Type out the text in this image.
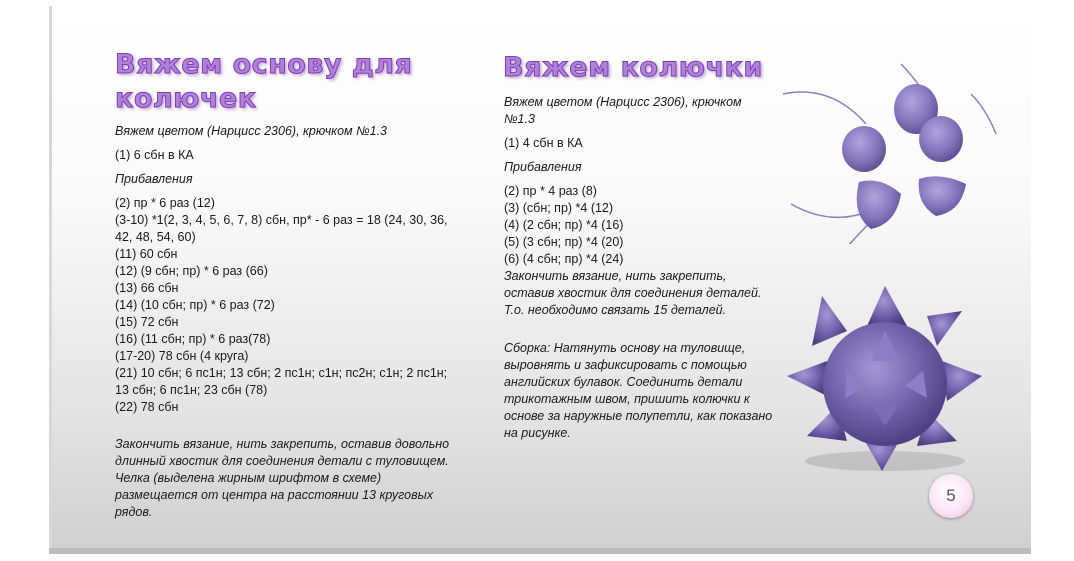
Вяжем основу для колючек

Вяжем цветом (Нарцисс 2306), крючком №1.3

(1) 6 сбн в КА

Прибавления

(2) пр * 6 раз (12)
(3-10) *1(2, 3, 4, 5, 6, 7, 8) сбн, пр* - 6 раз = 18 (24, 30, 36, 42, 48, 54, 60)
(11) 60 сбн
(12) (9 сбн; пр) * 6 раз (66)
(13) 66 сбн
(14) (10 сбн; пр) * 6 раз (72)
(15) 72 сбн
(16) (11 сбн; пр) * 6 раз(78)
(17-20) 78 сбн (4 круга)
(21) 10 сбн; 6 пс1н; 13 сбн; 2 пс1н; с1н; пс2н; с1н; 2 пс1н; 13 сбн; 6 пс1н; 23 сбн (78)
(22) 78 сбн

Закончить вязание, нить закрепить, оставив довольно длинный хвостик для соединения детали с туловищем. Челка (выделена жирным шрифтом в схеме) размещается от центра на расстоянии 13 круговых рядов.

Вяжем колючки

Вяжем цветом (Нарцисс 2306), крючком №1.3

(1) 4 сбн в КА

Прибавления

(2) пр * 4 раз (8)
(3) (сбн; пр) *4 (12)
(4) (2 сбн; пр) *4 (16)
(5) (3 сбн; пр) *4 (20)
(6) (4 сбн; пр) *4 (24)

Закончить вязание, нить закрепить, оставив хвостик для соединения деталей. Т.о. необходимо связать 15 деталей.

Сборка: Натянуть основу на туловище, выровнять и зафиксировать с помощью английских булавок. Соединить детали трикотажным швом, пришить колючки к основе за наружные полупетли, как показано на рисунке.

5
